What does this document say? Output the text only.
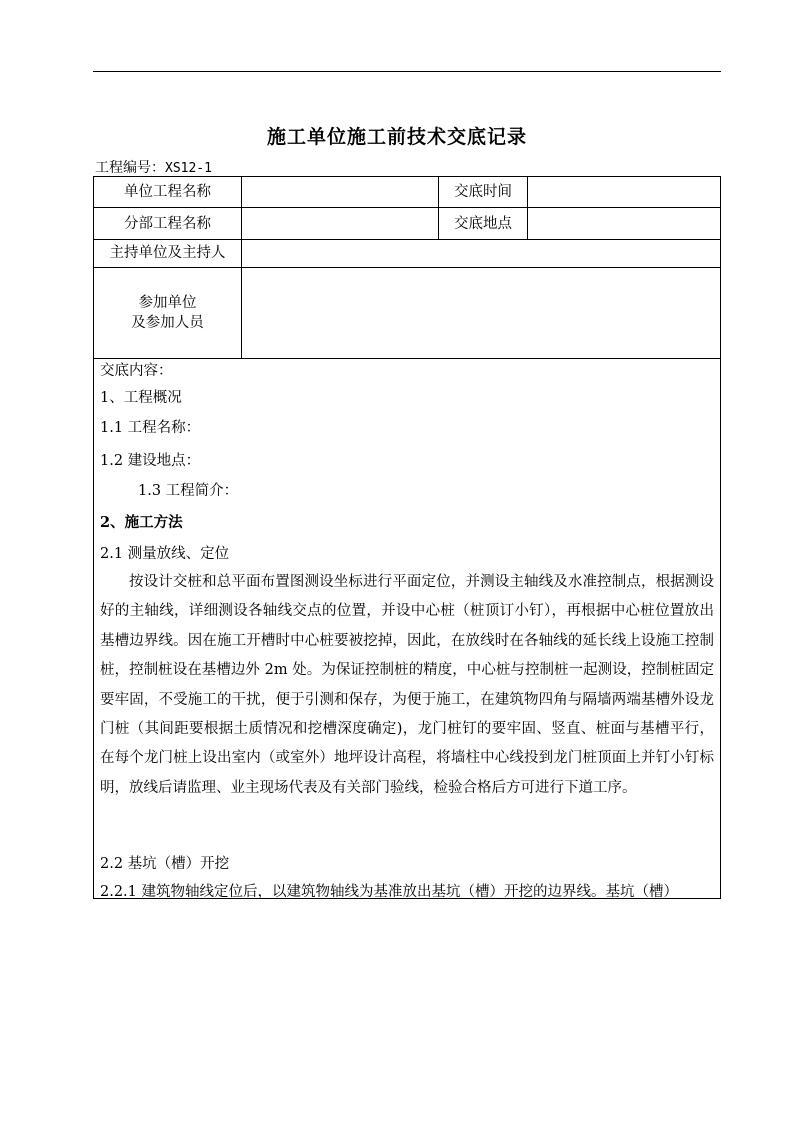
施工单位施工前技术交底记录
工程编号：XS12-1
单位工程名称	交底时间
分部工程名称	交底地点
主持单位及主持人
参加单位
及参加人员
交底内容：
1、工程概况
1.1 工程名称：
1.2 建设地点：
1.3 工程简介：
2、施工方法
2.1 测量放线、定位
按设计交桩和总平面布置图测设坐标进行平面定位，并测设主轴线及水准控制点，根据测设好的主轴线，详细测设各轴线交点的位置，并设中心桩（桩顶订小钉），再根据中心桩位置放出基槽边界线。因在施工开槽时中心桩要被挖掉，因此，在放线时在各轴线的延长线上设施工控制桩，控制桩设在基槽边外 2m 处。为保证控制桩的精度，中心桩与控制桩一起测设，控制桩固定要牢固，不受施工的干扰，便于引测和保存，为便于施工，在建筑物四角与隔墙两端基槽外设龙门桩（其间距要根据土质情况和挖槽深度确定)，龙门桩钉的要牢固、竖直、桩面与基槽平行，在每个龙门桩上设出室内（或室外）地坪设计高程，将墙柱中心线投到龙门桩顶面上并钉小钉标明，放线后请监理、业主现场代表及有关部门验线，检验合格后方可进行下道工序。
2.2 基坑（槽）开挖
2.2.1 建筑物轴线定位后，以建筑物轴线为基准放出基坑（槽）开挖的边界线。基坑（槽）
